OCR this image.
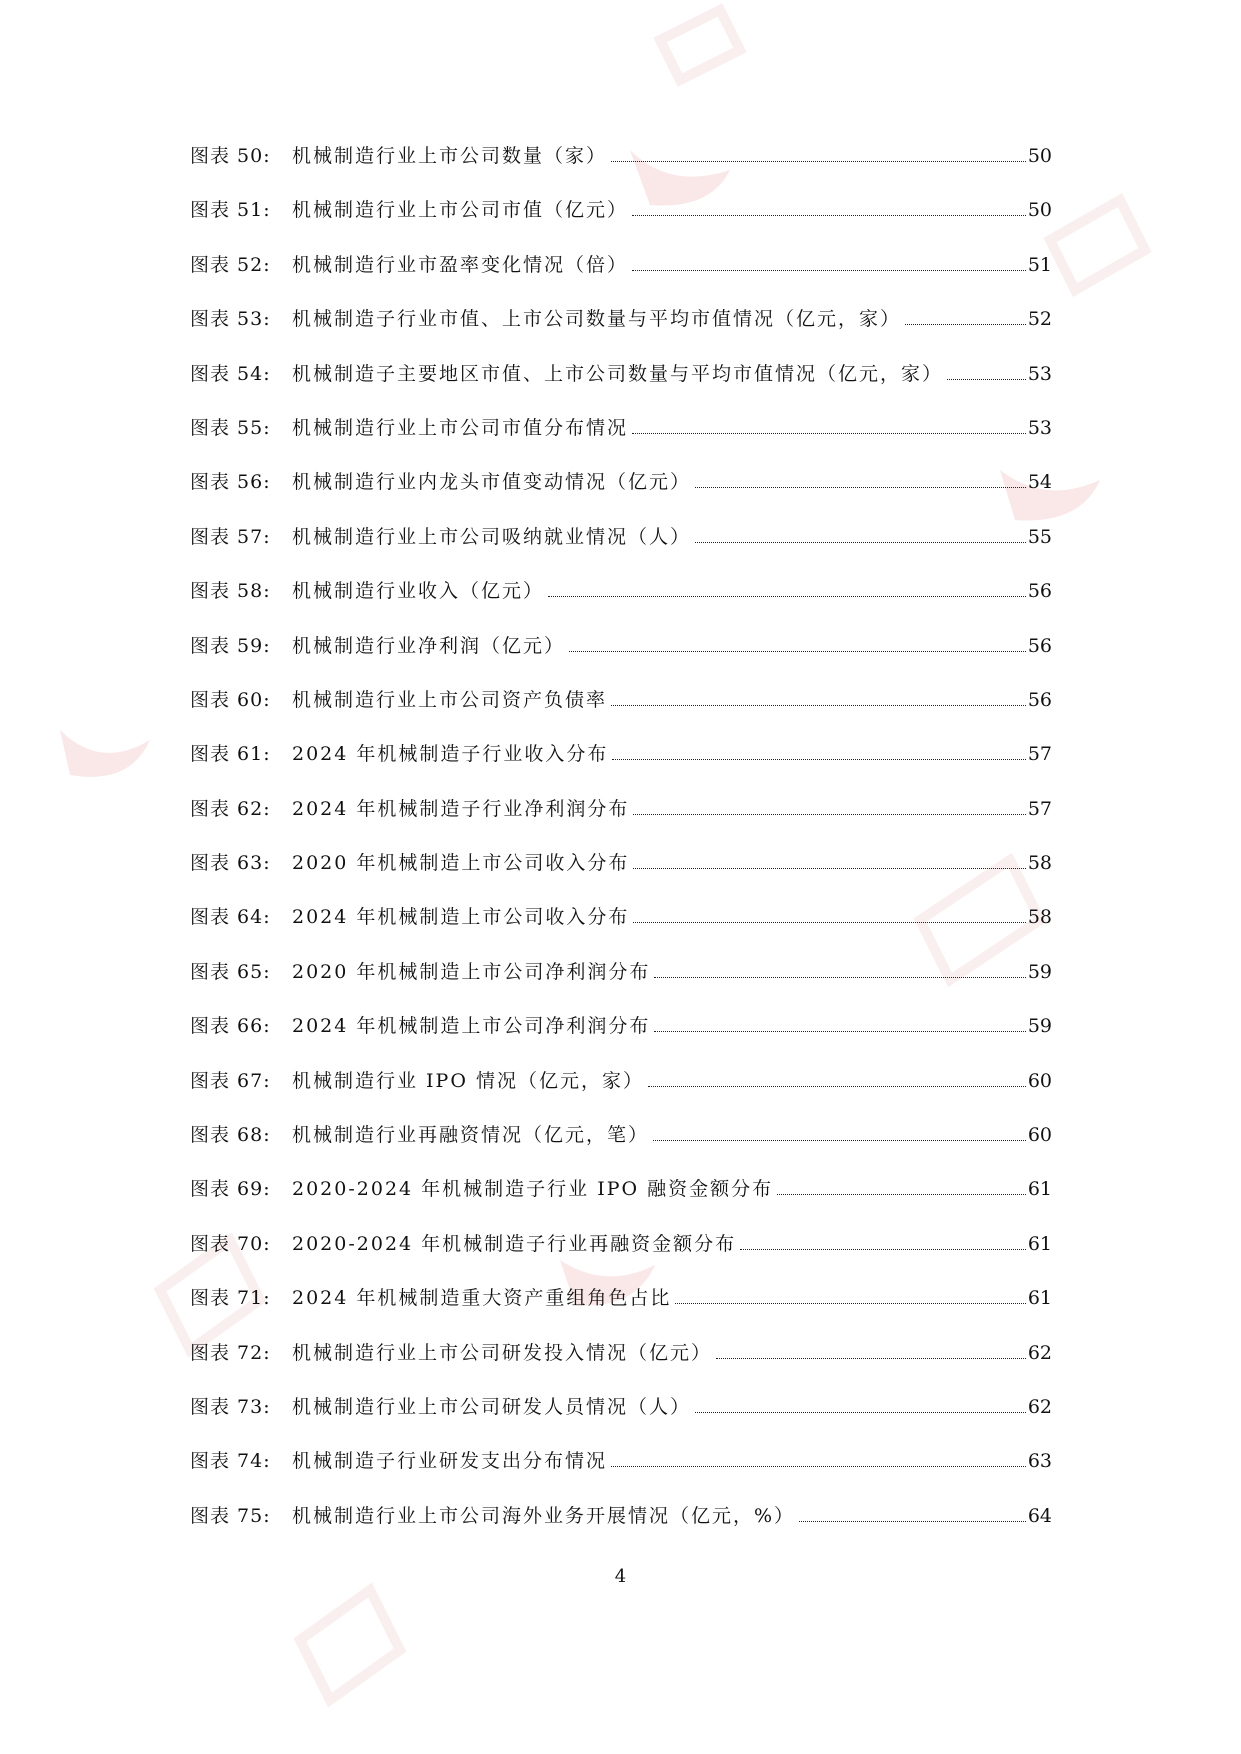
图表 50:	机械制造行业上市公司数量（家）	50
图表 51:	机械制造行业上市公司市值（亿元）	50
图表 52:	机械制造行业市盈率变化情况（倍）	51
图表 53:	机械制造子行业市值、上市公司数量与平均市值情况（亿元，家）	52
图表 54:	机械制造子主要地区市值、上市公司数量与平均市值情况（亿元，家）	53
图表 55:	机械制造行业上市公司市值分布情况	53
图表 56:	机械制造行业内龙头市值变动情况（亿元）	54
图表 57:	机械制造行业上市公司吸纳就业情况（人）	55
图表 58:	机械制造行业收入（亿元）	56
图表 59:	机械制造行业净利润（亿元）	56
图表 60:	机械制造行业上市公司资产负债率	56
图表 61:	2024 年机械制造子行业收入分布	57
图表 62:	2024 年机械制造子行业净利润分布	57
图表 63:	2020 年机械制造上市公司收入分布	58
图表 64:	2024 年机械制造上市公司收入分布	58
图表 65:	2020 年机械制造上市公司净利润分布	59
图表 66:	2024 年机械制造上市公司净利润分布	59
图表 67:	机械制造行业 IPO 情况（亿元，家）	60
图表 68:	机械制造行业再融资情况（亿元，笔）	60
图表 69:	2020-2024 年机械制造子行业 IPO 融资金额分布	61
图表 70:	2020-2024 年机械制造子行业再融资金额分布	61
图表 71:	2024 年机械制造重大资产重组角色占比	61
图表 72:	机械制造行业上市公司研发投入情况（亿元）	62
图表 73:	机械制造行业上市公司研发人员情况（人）	62
图表 74:	机械制造子行业研发支出分布情况	63
图表 75:	机械制造行业上市公司海外业务开展情况（亿元，%）	64
4
